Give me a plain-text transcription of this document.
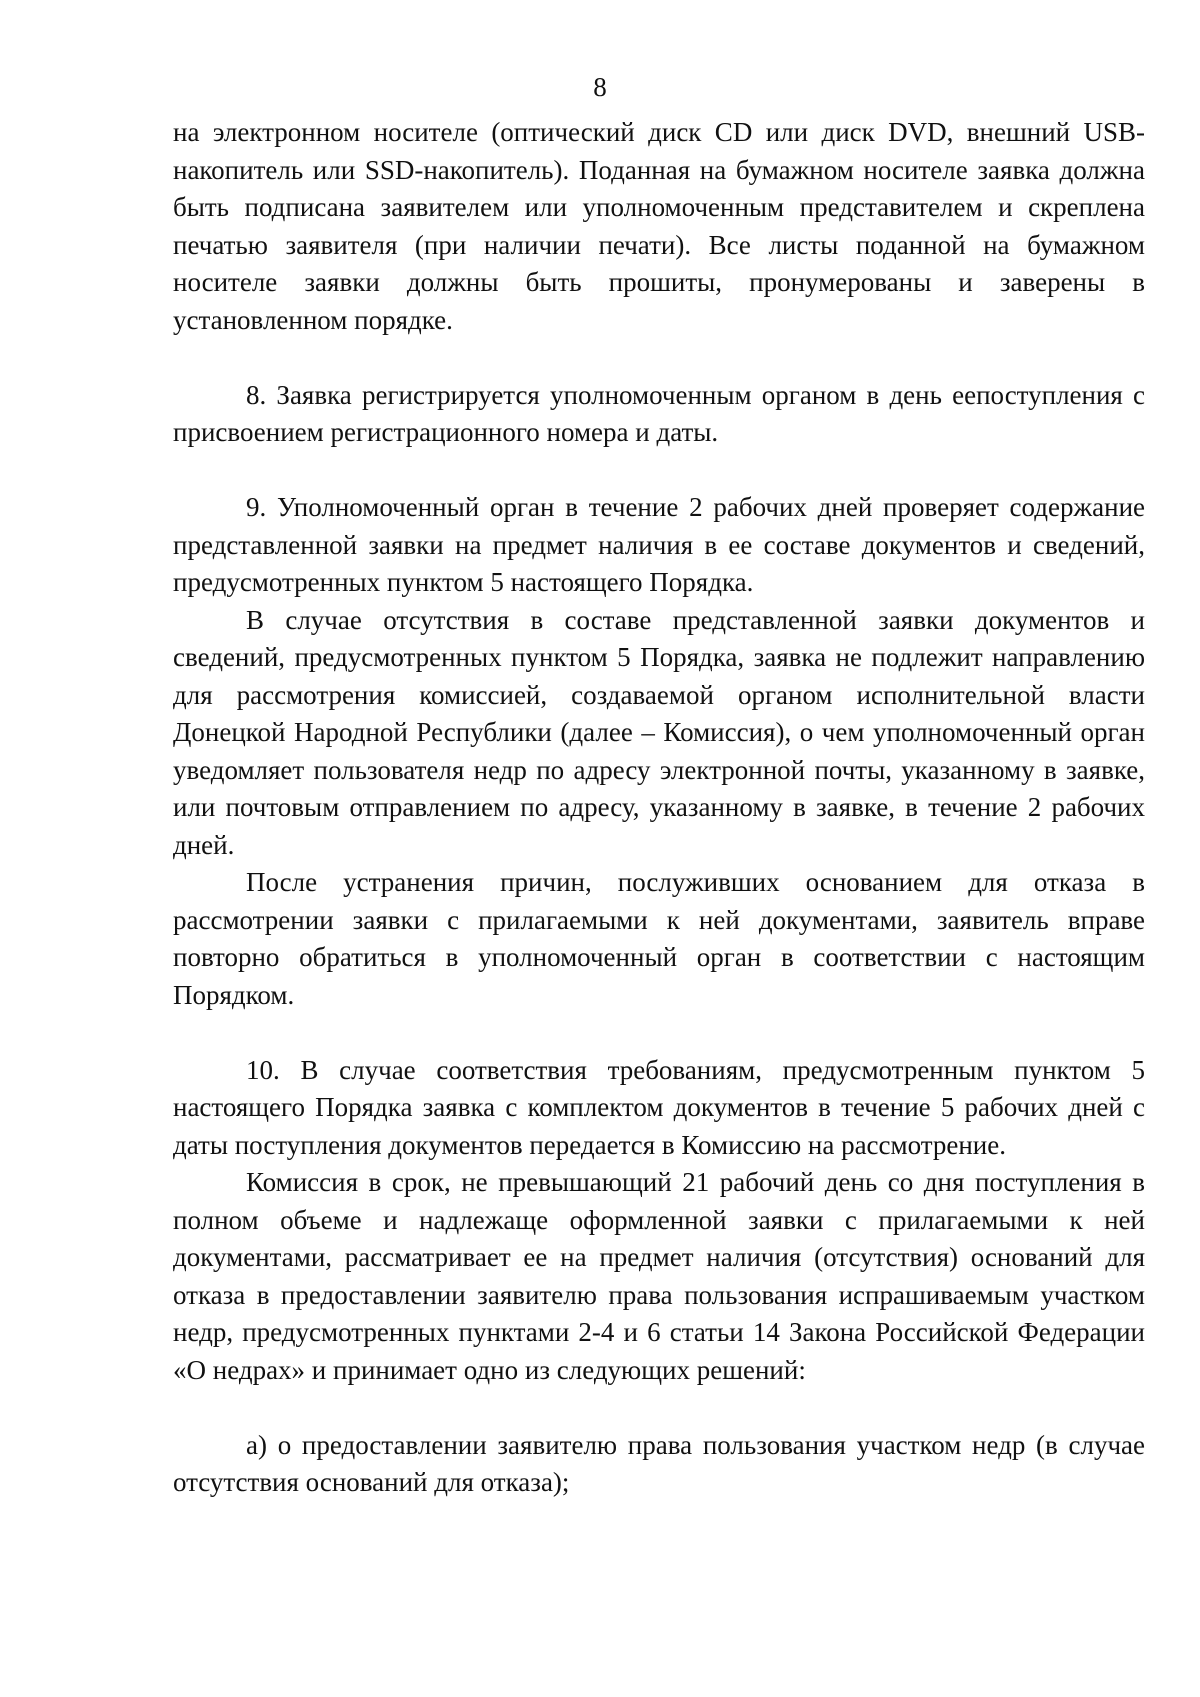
8

на электронном носителе (оптический диск CD или диск DVD, внешний USB-накопитель или SSD-накопитель). Поданная на бумажном носителе заявка должна быть подписана заявителем или уполномоченным представителем и скреплена печатью заявителя (при наличии печати). Все листы поданной на бумажном носителе заявки должны быть прошиты, пронумерованы и заверены в установленном порядке.

8. Заявка регистрируется уполномоченным органом в день еепоступления с присвоением регистрационного номера и даты.

9. Уполномоченный орган в течение 2 рабочих дней проверяет содержание представленной заявки на предмет наличия в ее составе документов и сведений, предусмотренных пунктом 5 настоящего Порядка.

В случае отсутствия в составе представленной заявки документов и сведений, предусмотренных пунктом 5 Порядка, заявка не подлежит направлению для рассмотрения комиссией, создаваемой органом исполнительной власти Донецкой Народной Республики (далее – Комиссия), о чем уполномоченный орган уведомляет пользователя недр по адресу электронной почты, указанному в заявке, или почтовым отправлением по адресу, указанному в заявке, в течение 2 рабочих дней.

После устранения причин, послуживших основанием для отказа в рассмотрении заявки с прилагаемыми к ней документами, заявитель вправе повторно обратиться в уполномоченный орган в соответствии с настоящим Порядком.

10. В случае соответствия требованиям, предусмотренным пунктом 5 настоящего Порядка заявка с комплектом документов в течение 5 рабочих дней с даты поступления документов передается в Комиссию на рассмотрение.

Комиссия в срок, не превышающий 21 рабочий день со дня поступления в полном объеме и надлежаще оформленной заявки с прилагаемыми к ней документами, рассматривает ее на предмет наличия (отсутствия) оснований для отказа в предоставлении заявителю права пользования испрашиваемым участком недр, предусмотренных пунктами 2-4 и 6 статьи 14 Закона Российской Федерации «О недрах» и принимает одно из следующих решений:

а) о предоставлении заявителю права пользования участком недр (в случае отсутствия оснований для отказа);
